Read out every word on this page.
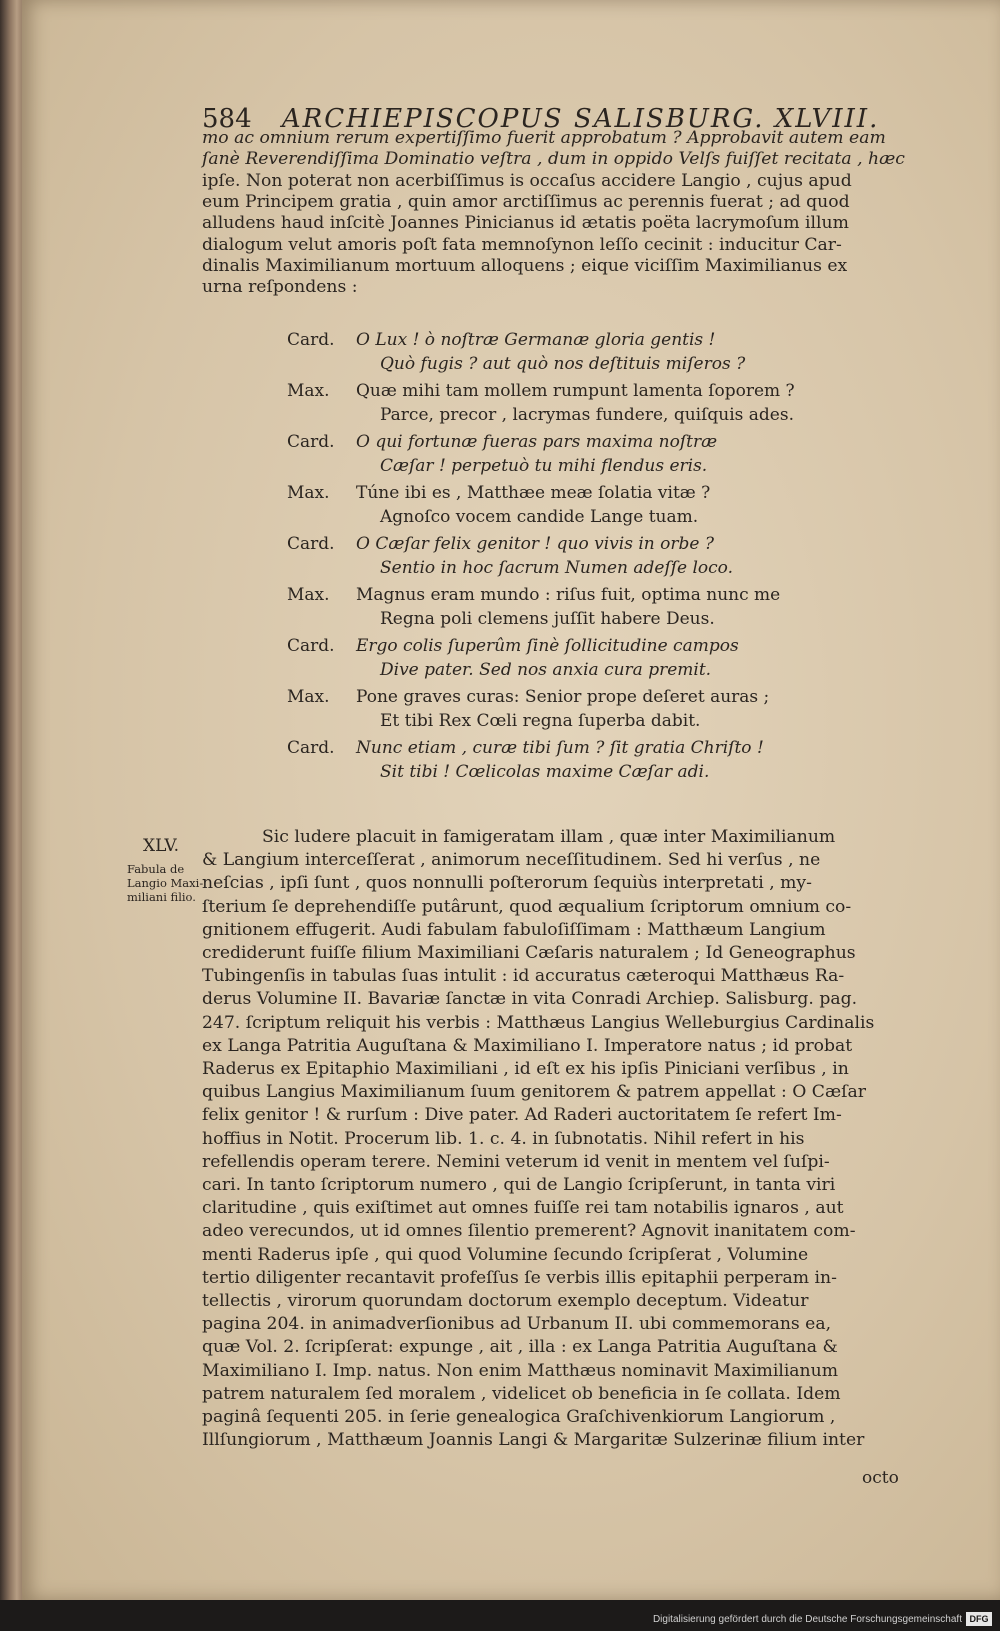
584 ARCHIEPISCOPUS SALISBURG. XLVIII.
mo ac omnium rerum expertiſſimo fuerit approbatum ? Approbavit autem eam
ſanè Reverendiſſima Dominatio veſtra , dum in oppido Velſs fuiſſet recitata , hæc
ipſe. Non poterat non acerbiſſimus is occaſus accidere Langio , cujus apud
eum Principem gratia , quin amor arctiſſimus ac perennis fuerat ; ad quod
alludens haud inſcitè Joannes Pinicianus id ætatis poëta lacrymoſum illum
dialogum velut amoris poſt fata memnoſynon leſſo cecinit : inducitur Car-
dinalis Maximilianum mortuum alloquens ; eique viciſſim Maximilianus ex
urna reſpondens :
Card. O Lux ! ò noſtræ Germanæ gloria gentis !
Quò fugis ? aut quò nos deſtituis miſeros ?
Max. Quæ mihi tam mollem rumpunt lamenta ſoporem ?
Parce, precor , lacrymas fundere, quiſquis ades.
Card. O qui fortunæ fueras pars maxima noſtræ
Cæſar ! perpetuò tu mihi flendus eris.
Max. Túne ibi es , Matthæe meæ ſolatia vitæ ?
Agnoſco vocem candide Lange tuam.
Card. O Cæſar felix genitor ! quo vivis in orbe ?
Sentio in hoc ſacrum Numen adeſſe loco.
Max. Magnus eram mundo : riſus fuit, optima nunc me
Regna poli clemens juſſit habere Deus.
Card. Ergo colis ſuperûm ſinè ſollicitudine campos
Dive pater. Sed nos anxia cura premit.
Max. Pone graves curas: Senior prope deſeret auras ;
Et tibi Rex Cœli regna ſuperba dabit.
Card. Nunc etiam , curæ tibi ſum ? ſit gratia Chriſto !
Sit tibi ! Cœlicolas maxime Cæſar adi.
XLV.
Fabula de Langio Maxi- miliani filio.
Sic ludere placuit in famigeratam illam , quæ inter Maximilianum
& Langium interceſſerat , animorum neceſſitudinem. Sed hi verſus , ne
neſcias , ipſi ſunt , quos nonnulli poſterorum ſequiùs interpretati , my-
ſterium ſe deprehendiſſe putârunt, quod æqualium ſcriptorum omnium co-
gnitionem effugerit. Audi fabulam fabuloſiſſimam : Matthæum Langium
crediderunt fuiſſe filium Maximiliani Cæſaris naturalem ; Id Geneographus
Tubingenſis in tabulas ſuas intulit : id accuratus cæteroqui Matthæus Ra-
derus Volumine II. Bavariæ ſanctæ in vita Conradi Archiep. Salisburg. pag.
247. ſcriptum reliquit his verbis : Matthæus Langius Welleburgius Cardinalis
ex Langa Patritia Auguſtana & Maximiliano I. Imperatore natus ; id probat
Raderus ex Epitaphio Maximiliani , id eſt ex his ipſis Piniciani verſibus , in
quibus Langius Maximilianum ſuum genitorem & patrem appellat : O Cæſar
felix genitor ! & rurſum : Dive pater. Ad Raderi auctoritatem ſe refert Im-
hoffius in Notit. Procerum lib. 1. c. 4. in ſubnotatis. Nihil refert in his
refellendis operam terere. Nemini veterum id venit in mentem vel ſuſpi-
cari. In tanto ſcriptorum numero , qui de Langio ſcripſerunt, in tanta viri
claritudine , quis exiſtimet aut omnes fuiſſe rei tam notabilis ignaros , aut
adeo verecundos, ut id omnes ſilentio premerent? Agnovit inanitatem com-
menti Raderus ipſe , qui quod Volumine ſecundo ſcripſerat , Volumine
tertio diligenter recantavit profeſſus ſe verbis illis epitaphii perperam in-
tellectis , virorum quorundam doctorum exemplo deceptum. Videatur
pagina 204. in animadverſionibus ad Urbanum II. ubi commemorans ea,
quæ Vol. 2. ſcripſerat: expunge , ait , illa : ex Langa Patritia Auguſtana &
Maximiliano I. Imp. natus. Non enim Matthæus nominavit Maximilianum
patrem naturalem ſed moralem , videlicet ob beneficia in ſe collata. Idem
paginâ ſequenti 205. in ſerie genealogica Graſchivenkiorum Langiorum ,
Illſungiorum , Matthæum Joannis Langi & Margaritæ Sulzerinæ filium inter
octo
Digitalisierung gefördert durch die Deutsche Forschungsgemeinschaft DFG
